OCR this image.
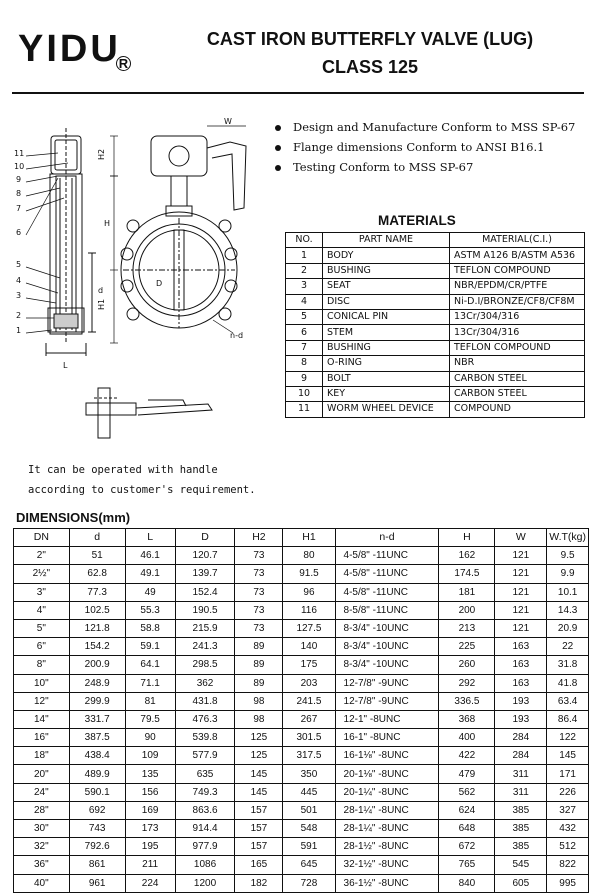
YIDU
R
CAST IRON BUTTERFLY VALVE (LUG)
CLASS 125
11
10
9
8
7
6
5
4
3
2
1
L
d
H2
H
H1
W
D
n-d
Design and Manufacture Conform to MSS SP-67
Flange dimensions Conform to ANSI B16.1
Testing Conform to MSS SP-67
MATERIALS
NO.	PART NAME	MATERIAL(C.I.)
1	BODY	ASTM A126 B/ASTM A536
2	BUSHING	TEFLON COMPOUND
3	SEAT	NBR/EPDM/CR/PTFE
4	DISC	Ni-D.I/BRONZE/CF8/CF8M
5	CONICAL PIN	13Cr/304/316
6	STEM	13Cr/304/316
7	BUSHING	TEFLON COMPOUND
8	O-RING	NBR
9	BOLT	CARBON STEEL
10	KEY	CARBON STEEL
11	WORM WHEEL DEVICE	COMPOUND
It can be operated with handle
according to customer's requirement.
DIMENSIONS(mm)
DN	d	L	D	H2	H1	n-d	H	W	W.T(kg)
2"	51	46.1	120.7	73	80	4-5/8" -11UNC	162	121	9.5
2½"	62.8	49.1	139.7	73	91.5	4-5/8" -11UNC	174.5	121	9.9
3"	77.3	49	152.4	73	96	4-5/8" -11UNC	181	121	10.1
4"	102.5	55.3	190.5	73	116	8-5/8" -11UNC	200	121	14.3
5"	121.8	58.8	215.9	73	127.5	8-3/4" -10UNC	213	121	20.9
6"	154.2	59.1	241.3	89	140	8-3/4" -10UNC	225	163	22
8"	200.9	64.1	298.5	89	175	8-3/4" -10UNC	260	163	31.8
10"	248.9	71.1	362	89	203	12-7/8" -9UNC	292	163	41.8
12"	299.9	81	431.8	98	241.5	12-7/8" -9UNC	336.5	193	63.4
14"	331.7	79.5	476.3	98	267	12-1" -8UNC	368	193	86.4
16"	387.5	90	539.8	125	301.5	16-1" -8UNC	400	284	122
18"	438.4	109	577.9	125	317.5	16-1⅛" -8UNC	422	284	145
20"	489.9	135	635	145	350	20-1⅛" -8UNC	479	311	171
24"	590.1	156	749.3	145	445	20-1¼" -8UNC	562	311	226
28"	692	169	863.6	157	501	28-1¼" -8UNC	624	385	327
30"	743	173	914.4	157	548	28-1¼" -8UNC	648	385	432
32"	792.6	195	977.9	157	591	28-1½" -8UNC	672	385	512
36"	861	211	1086	165	645	32-1½" -8UNC	765	545	822
40"	961	224	1200	182	728	36-1½" -8UNC	840	605	995
